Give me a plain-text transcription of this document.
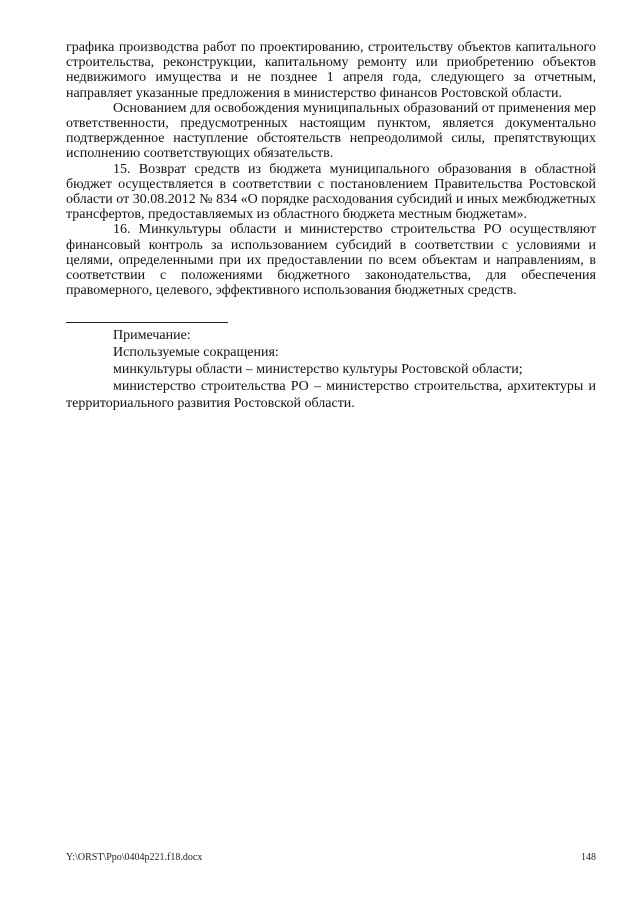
графика производства работ по проектированию, строительству объектов капитального строительства, реконструкции, капитальному ремонту или приобретению объектов недвижимого имущества и не позднее 1 апреля года, следующего за отчетным, направляет указанные предложения в министерство финансов Ростовской области.

Основанием для освобождения муниципальных образований от применения мер ответственности, предусмотренных настоящим пунктом, является документально подтвержденное наступление обстоятельств непреодолимой силы, препятствующих исполнению соответствующих обязательств.

15. Возврат средств из бюджета муниципального образования в областной бюджет осуществляется в соответствии с постановлением Правительства Ростовской области от 30.08.2012 № 834 «О порядке расходования субсидий и иных межбюджетных трансфертов, предоставляемых из областного бюджета местным бюджетам».

16. Минкультуры области и министерство строительства РО осуществляют финансовый контроль за использованием субсидий в соответствии с условиями и целями, определенными при их предоставлении по всем объектам и направлениям, в соответствии с положениями бюджетного законодательства, для обеспечения правомерного, целевого, эффективного использования бюджетных средств.

Примечание:

Используемые сокращения:

минкультуры области – министерство культуры Ростовской области;

министерство строительства РО – министерство строительства, архитектуры и территориального развития Ростовской области.

Y:\ORST\Ppo\0404p221.f18.docx	148
